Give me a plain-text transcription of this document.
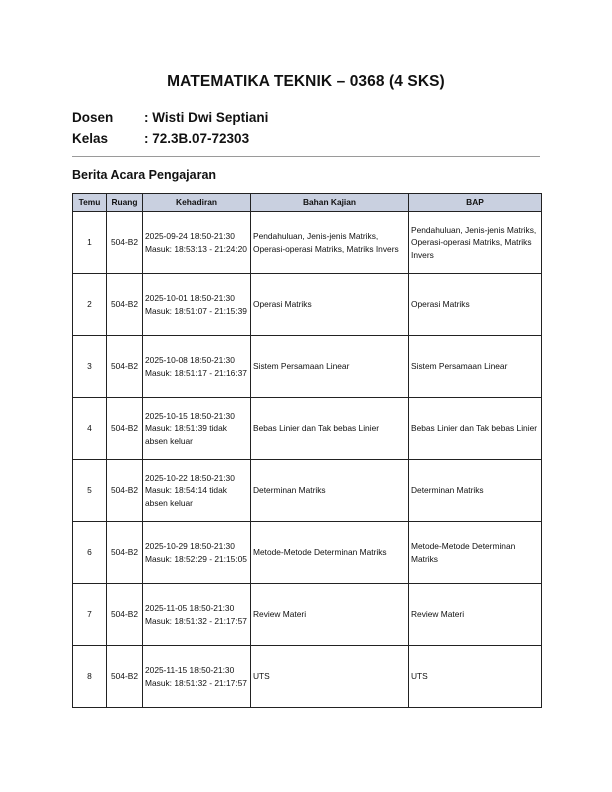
MATEMATIKA TEKNIK – 0368 (4 SKS)
Dosen : Wisti Dwi Septiani
Kelas	: 72.3B.07-72303
Berita Acara Pengajaran
Temu	Ruang	Kehadiran	Bahan Kajian	BAP
1	504-B2	2025-09-24 18:50-21:30 Masuk: 18:53:13 - 21:24:20	Pendahuluan, Jenis-jenis Matriks, Operasi-operasi Matriks, Matriks Invers	Pendahuluan, Jenis-jenis Matriks, Operasi-operasi Matriks, Matriks Invers
2	504-B2	2025-10-01 18:50-21:30 Masuk: 18:51:07 - 21:15:39	Operasi Matriks	Operasi Matriks
3	504-B2	2025-10-08 18:50-21:30 Masuk: 18:51:17 - 21:16:37	Sistem Persamaan Linear	Sistem Persamaan Linear
4	504-B2	2025-10-15 18:50-21:30 Masuk: 18:51:39 tidak absen keluar	Bebas Linier dan Tak bebas Linier	Bebas Linier dan Tak bebas Linier
5	504-B2	2025-10-22 18:50-21:30 Masuk: 18:54:14 tidak absen keluar	Determinan Matriks	Determinan Matriks
6	504-B2	2025-10-29 18:50-21:30 Masuk: 18:52:29 - 21:15:05	Metode-Metode Determinan Matriks	Metode-Metode Determinan Matriks
7	504-B2	2025-11-05 18:50-21:30 Masuk: 18:51:32 - 21:17:57	Review Materi	Review Materi
8	504-B2	2025-11-15 18:50-21:30 Masuk: 18:51:32 - 21:17:57	UTS	UTS
